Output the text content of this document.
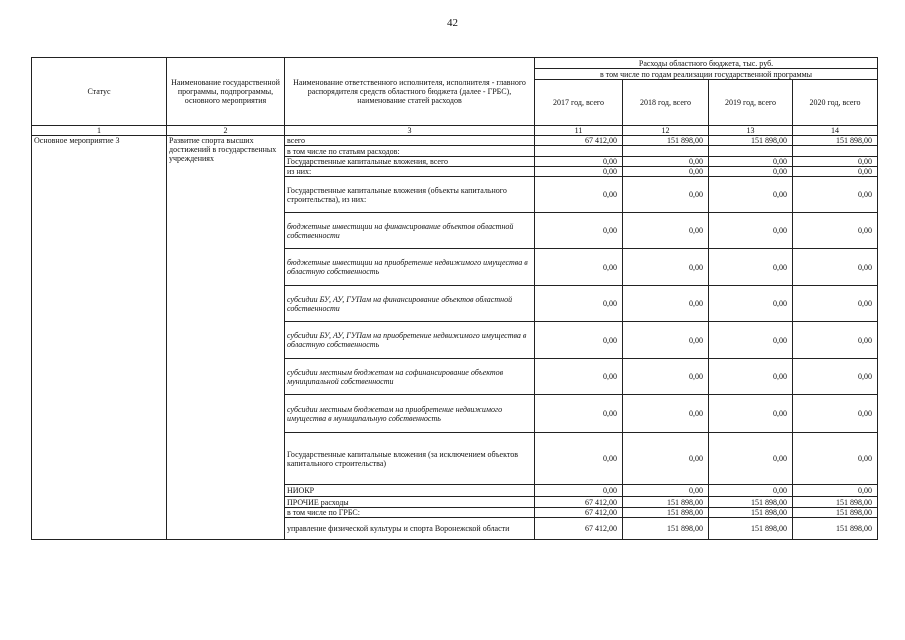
42
Статус	Наименование государственной программы, подпрограммы, основного мероприятия	Наименование ответственного исполнителя, исполнителя - главного распорядителя средств областного бюджета (далее - ГРБС), наименование статей расходов	Расходы областного бюджета, тыс. руб.			
			в том числе по годам реализации государственной программы			
			2017 год, всего	2018 год, всего	2019 год, всего	2020 год, всего
1	2	3	11	12	13	14
Основное мероприятие 3	Развитие спорта высших достижений в государственных учреждениях	всего	67 412,00	151 898,00	151 898,00	151 898,00
		в том числе по статьям расходов:				
		Государственные капитальные вложения, всего	0,00	0,00	0,00	0,00
		из них:	0,00	0,00	0,00	0,00
		Государственные капитальные вложения (объекты капитального строительства), из них:	0,00	0,00	0,00	0,00
		бюджетные инвестиции на финансирование объектов областной собственности	0,00	0,00	0,00	0,00
		бюджетные инвестиции на приобретение недвижимого имущества в областную собственность	0,00	0,00	0,00	0,00
		субсидии БУ, АУ, ГУПам на финансирование объектов областной собственности	0,00	0,00	0,00	0,00
		субсидии БУ, АУ, ГУПам на приобретение недвижимого имущества в областную собственность	0,00	0,00	0,00	0,00
		субсидии местным бюджетам на софинансирование объектов муниципальной собственности	0,00	0,00	0,00	0,00
		субсидии местным бюджетам на приобретение недвижимого имущества в муниципальную собственность	0,00	0,00	0,00	0,00
		Государственные капитальные вложения (за исключением объектов капитального строительства)	0,00	0,00	0,00	0,00
		НИОКР	0,00	0,00	0,00	0,00
		ПРОЧИЕ расходы	67 412,00	151 898,00	151 898,00	151 898,00
		в том числе по ГРБС:	67 412,00	151 898,00	151 898,00	151 898,00
		управление физической культуры и спорта Воронежской области	67 412,00	151 898,00	151 898,00	151 898,00
